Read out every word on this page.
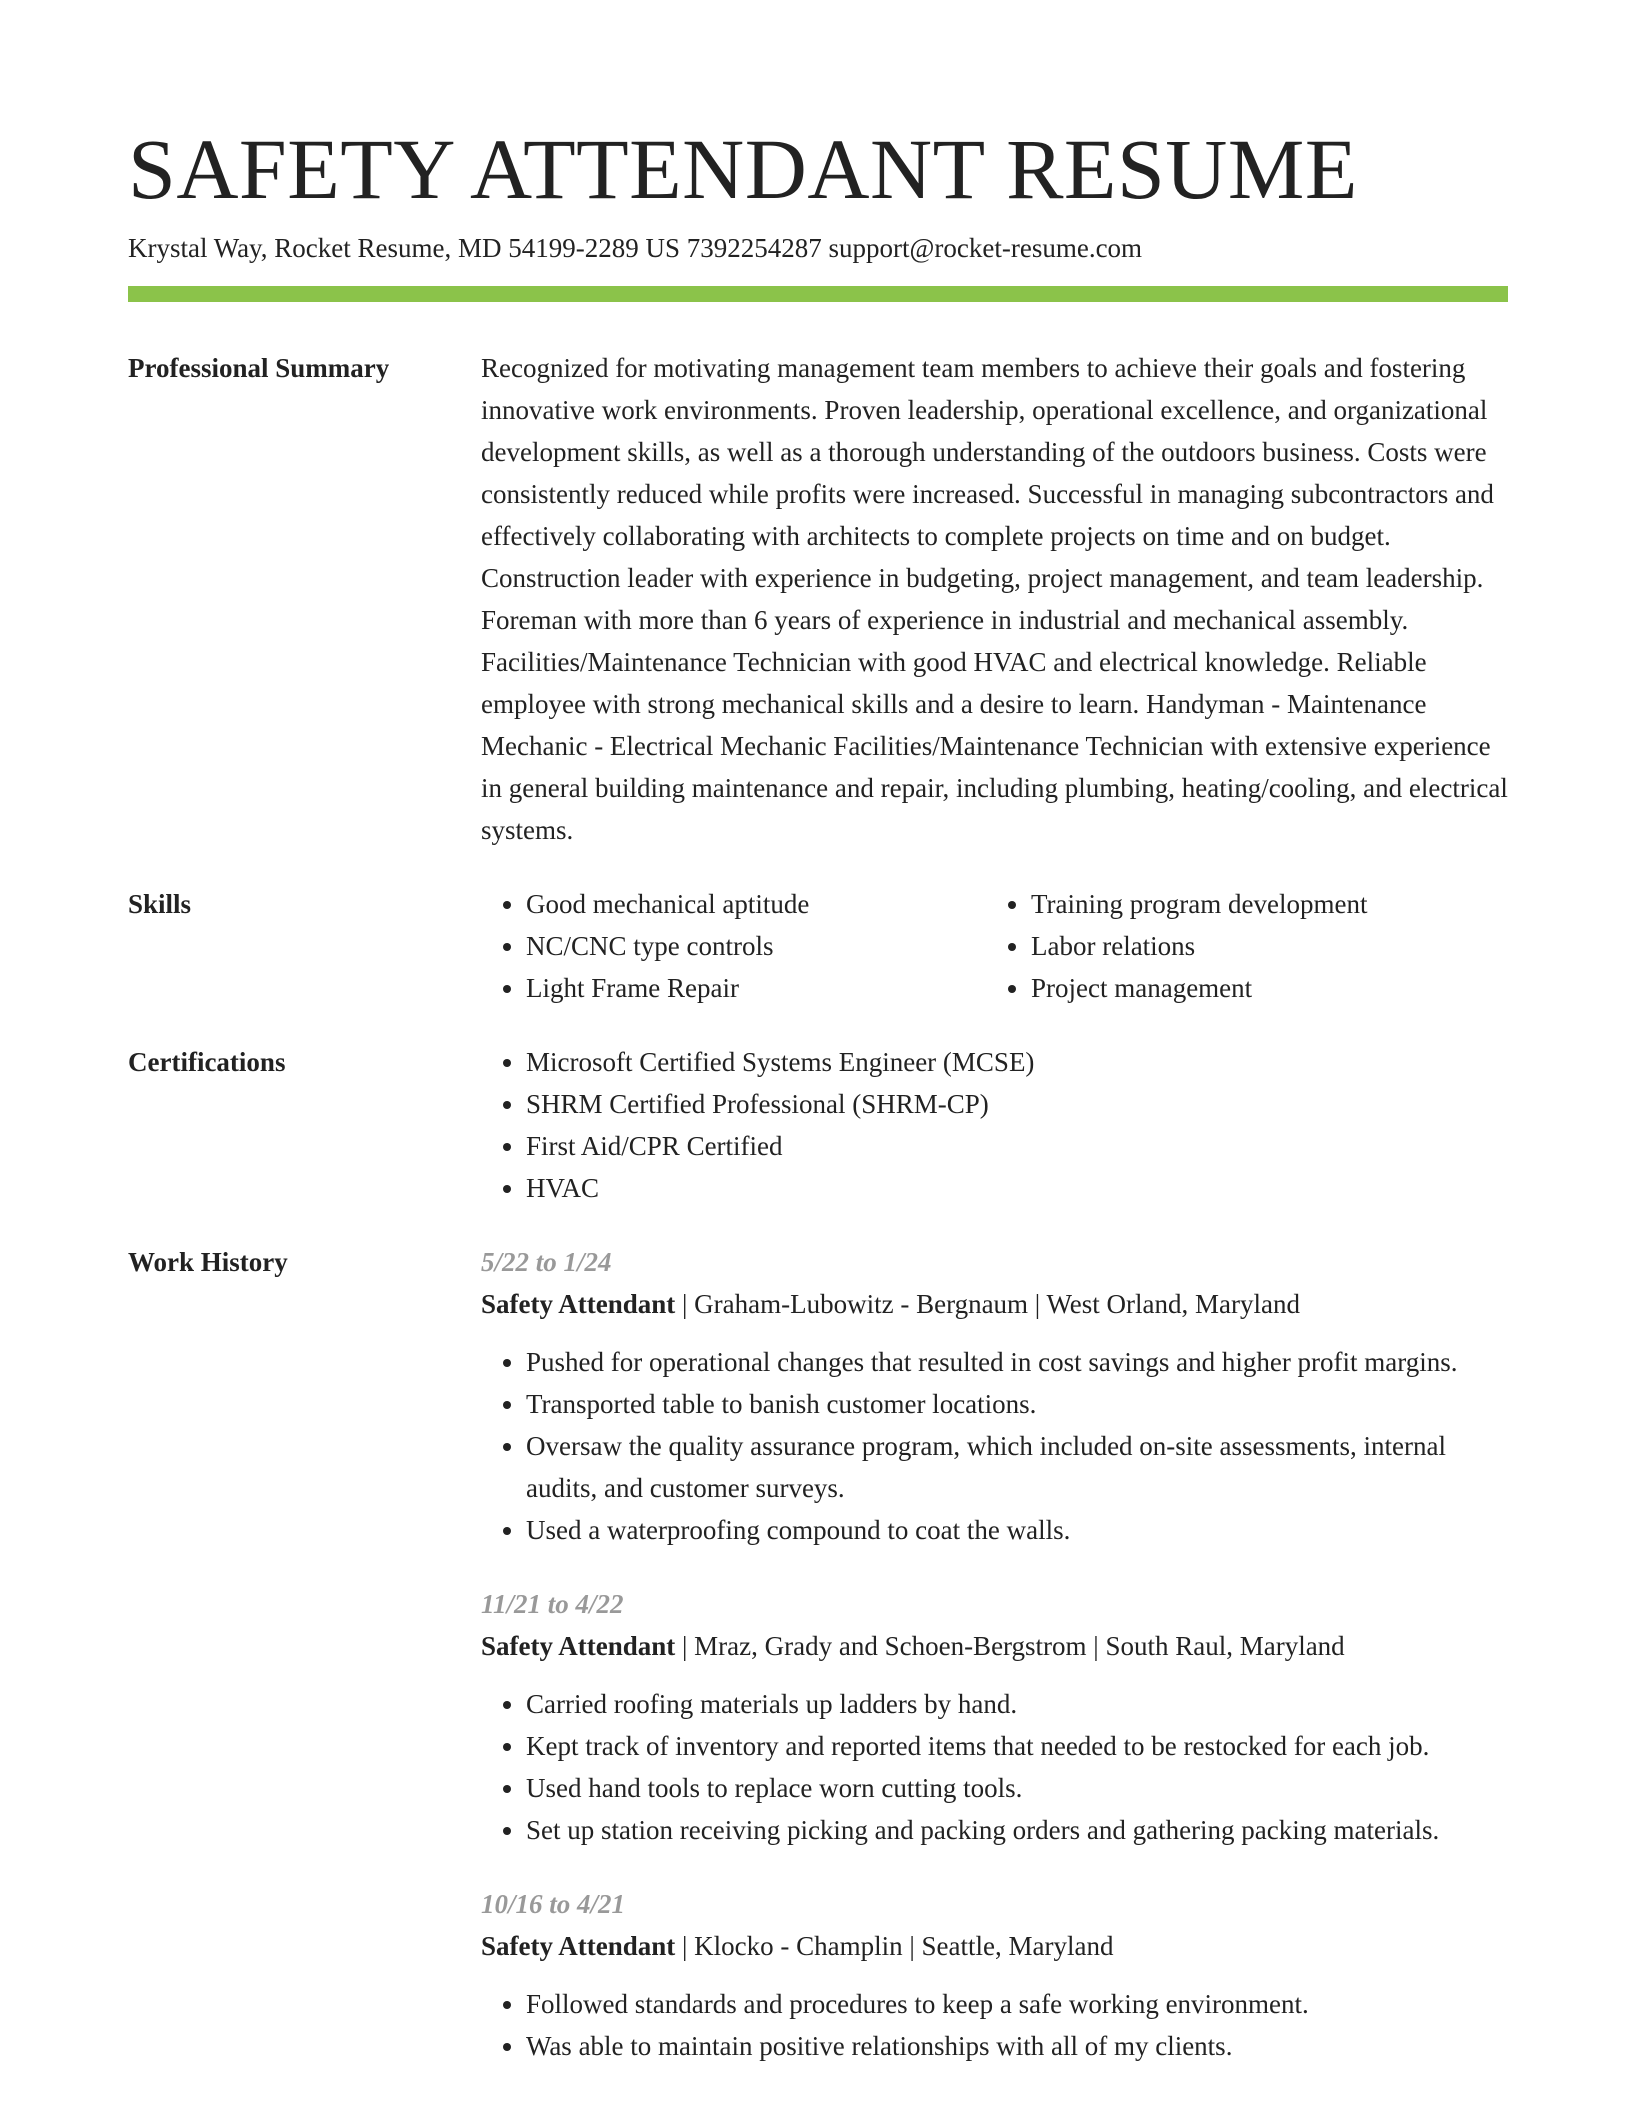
SAFETY ATTENDANT RESUME
Krystal Way, Rocket Resume, MD 54199-2289 US 7392254287 support@rocket-resume.com
Professional Summary	Recognized for motivating management team members to achieve their goals and fostering innovative work environments. Proven leadership, operational excellence, and organizational development skills, as well as a thorough understanding of the outdoors business. Costs were consistently reduced while profits were increased. Successful in managing subcontractors and effectively collaborating with architects to complete projects on time and on budget. Construction leader with experience in budgeting, project management, and team leadership. Foreman with more than 6 years of experience in industrial and mechanical assembly. Facilities/Maintenance Technician with good HVAC and electrical knowledge. Reliable employee with strong mechanical skills and a desire to learn. Handyman - Maintenance Mechanic - Electrical Mechanic Facilities/Maintenance Technician with extensive experience in general building maintenance and repair, including plumbing, heating/cooling, and electrical systems.
Skills	• Good mechanical aptitude
• NC/CNC type controls
• Light Frame Repair
• Training program development
• Labor relations
• Project management
Certifications	• Microsoft Certified Systems Engineer (MCSE)
• SHRM Certified Professional (SHRM-CP)
• First Aid/CPR Certified
• HVAC
Work History	5/22 to 1/24
Safety Attendant | Graham-Lubowitz - Bergnaum | West Orland, Maryland
• Pushed for operational changes that resulted in cost savings and higher profit margins.
• Transported table to banish customer locations.
• Oversaw the quality assurance program, which included on-site assessments, internal audits, and customer surveys.
• Used a waterproofing compound to coat the walls.
11/21 to 4/22
Safety Attendant | Mraz, Grady and Schoen-Bergstrom | South Raul, Maryland
• Carried roofing materials up ladders by hand.
• Kept track of inventory and reported items that needed to be restocked for each job.
• Used hand tools to replace worn cutting tools.
• Set up station receiving picking and packing orders and gathering packing materials.
10/16 to 4/21
Safety Attendant | Klocko - Champlin | Seattle, Maryland
• Followed standards and procedures to keep a safe working environment.
• Was able to maintain positive relationships with all of my clients.
